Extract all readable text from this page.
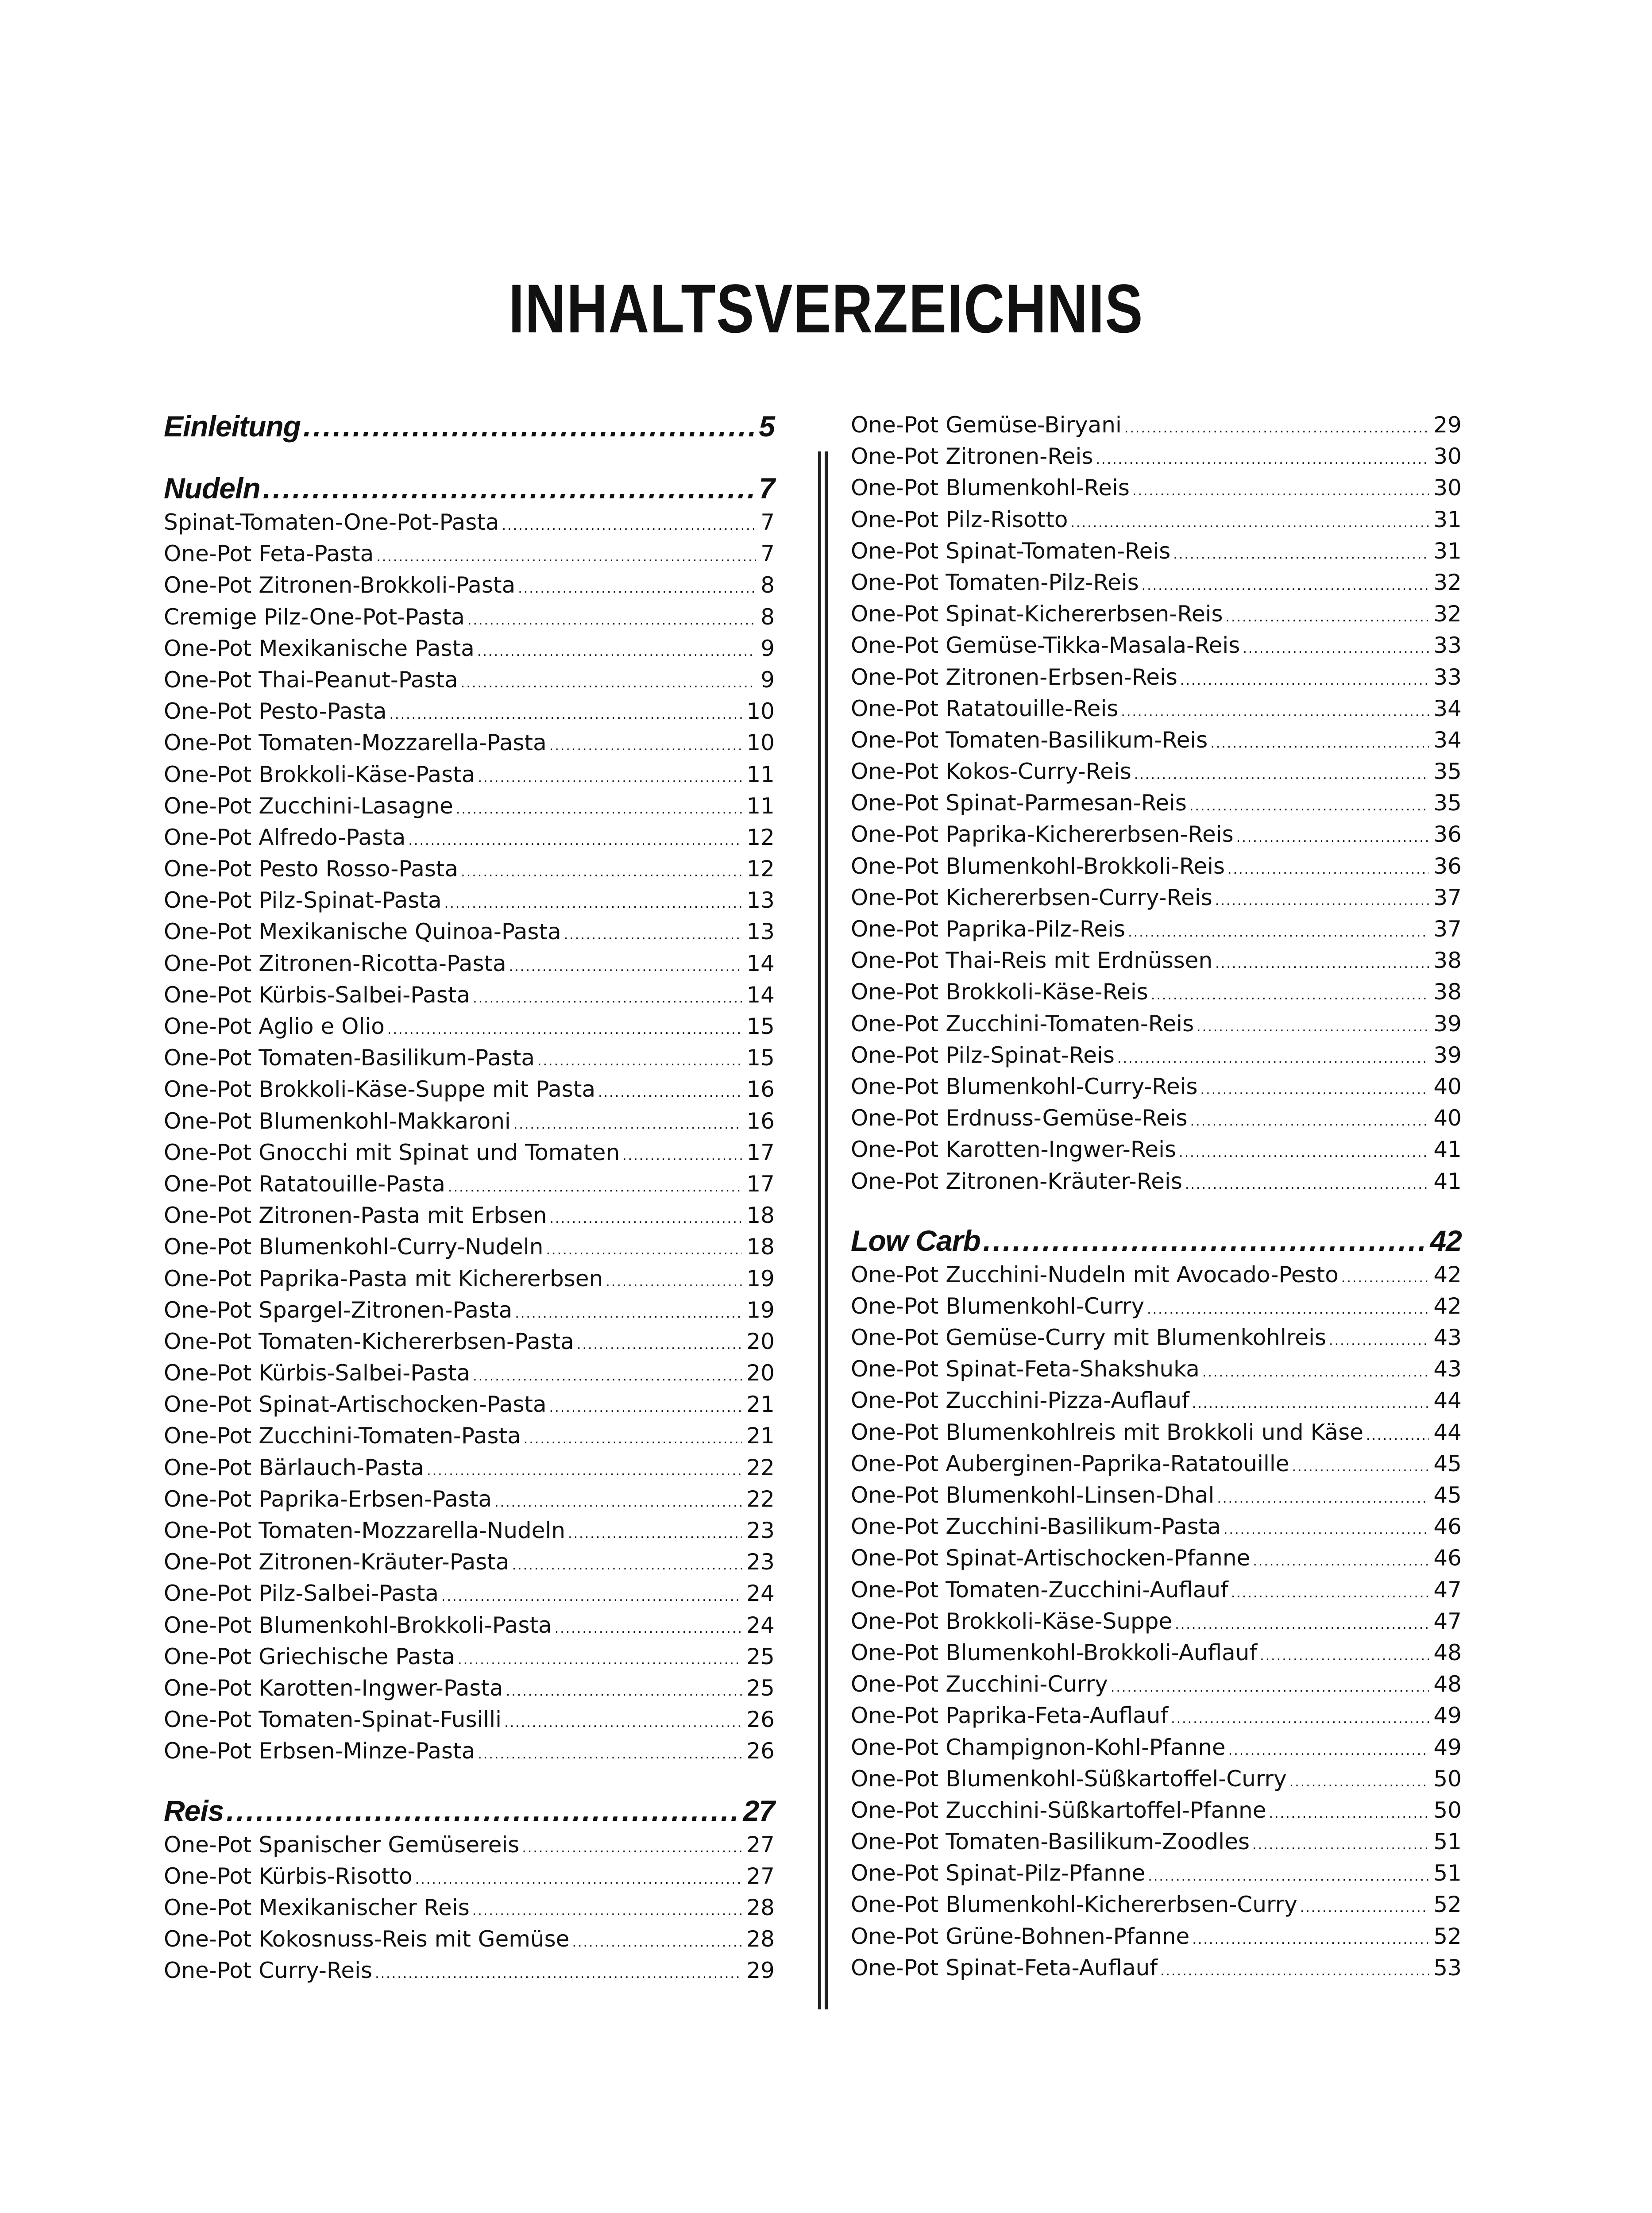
INHALTSVERZEICHNIS
Einleitung .....	5
Nudeln .....	7
Spinat-Tomaten-One-Pot-Pasta .....	7
One-Pot Feta-Pasta .....	7
One-Pot Zitronen-Brokkoli-Pasta .....	8
Cremige Pilz-One-Pot-Pasta .....	8
One-Pot Mexikanische Pasta .....	9
One-Pot Thai-Peanut-Pasta .....	9
One-Pot Pesto-Pasta .....	10
One-Pot Tomaten-Mozzarella-Pasta .....	10
One-Pot Brokkoli-Käse-Pasta .....	11
One-Pot Zucchini-Lasagne .....	11
One-Pot Alfredo-Pasta .....	12
One-Pot Pesto Rosso-Pasta .....	12
One-Pot Pilz-Spinat-Pasta .....	13
One-Pot Mexikanische Quinoa-Pasta .....	13
One-Pot Zitronen-Ricotta-Pasta .....	14
One-Pot Kürbis-Salbei-Pasta .....	14
One-Pot Aglio e Olio .....	15
One-Pot Tomaten-Basilikum-Pasta .....	15
One-Pot Brokkoli-Käse-Suppe mit Pasta .....	16
One-Pot Blumenkohl-Makkaroni .....	16
One-Pot Gnocchi mit Spinat und Tomaten .....	17
One-Pot Ratatouille-Pasta .....	17
One-Pot Zitronen-Pasta mit Erbsen .....	18
One-Pot Blumenkohl-Curry-Nudeln .....	18
One-Pot Paprika-Pasta mit Kichererbsen .....	19
One-Pot Spargel-Zitronen-Pasta .....	19
One-Pot Tomaten-Kichererbsen-Pasta .....	20
One-Pot Kürbis-Salbei-Pasta .....	20
One-Pot Spinat-Artischocken-Pasta .....	21
One-Pot Zucchini-Tomaten-Pasta .....	21
One-Pot Bärlauch-Pasta .....	22
One-Pot Paprika-Erbsen-Pasta .....	22
One-Pot Tomaten-Mozzarella-Nudeln .....	23
One-Pot Zitronen-Kräuter-Pasta .....	23
One-Pot Pilz-Salbei-Pasta .....	24
One-Pot Blumenkohl-Brokkoli-Pasta .....	24
One-Pot Griechische Pasta .....	25
One-Pot Karotten-Ingwer-Pasta .....	25
One-Pot Tomaten-Spinat-Fusilli .....	26
One-Pot Erbsen-Minze-Pasta .....	26
Reis .....	27
One-Pot Spanischer Gemüsereis .....	27
One-Pot Kürbis-Risotto .....	27
One-Pot Mexikanischer Reis .....	28
One-Pot Kokosnuss-Reis mit Gemüse .....	28
One-Pot Curry-Reis .....	29
One-Pot Gemüse-Biryani .....	29
One-Pot Zitronen-Reis .....	30
One-Pot Blumenkohl-Reis .....	30
One-Pot Pilz-Risotto .....	31
One-Pot Spinat-Tomaten-Reis .....	31
One-Pot Tomaten-Pilz-Reis .....	32
One-Pot Spinat-Kichererbsen-Reis .....	32
One-Pot Gemüse-Tikka-Masala-Reis .....	33
One-Pot Zitronen-Erbsen-Reis .....	33
One-Pot Ratatouille-Reis .....	34
One-Pot Tomaten-Basilikum-Reis .....	34
One-Pot Kokos-Curry-Reis .....	35
One-Pot Spinat-Parmesan-Reis .....	35
One-Pot Paprika-Kichererbsen-Reis .....	36
One-Pot Blumenkohl-Brokkoli-Reis .....	36
One-Pot Kichererbsen-Curry-Reis .....	37
One-Pot Paprika-Pilz-Reis .....	37
One-Pot Thai-Reis mit Erdnüssen .....	38
One-Pot Brokkoli-Käse-Reis .....	38
One-Pot Zucchini-Tomaten-Reis .....	39
One-Pot Pilz-Spinat-Reis .....	39
One-Pot Blumenkohl-Curry-Reis .....	40
One-Pot Erdnuss-Gemüse-Reis .....	40
One-Pot Karotten-Ingwer-Reis .....	41
One-Pot Zitronen-Kräuter-Reis .....	41
Low Carb .....	42
One-Pot Zucchini-Nudeln mit Avocado-Pesto .....	42
One-Pot Blumenkohl-Curry .....	42
One-Pot Gemüse-Curry mit Blumenkohlreis .....	43
One-Pot Spinat-Feta-Shakshuka .....	43
One-Pot Zucchini-Pizza-Auflauf .....	44
One-Pot Blumenkohlreis mit Brokkoli und Käse .....	44
One-Pot Auberginen-Paprika-Ratatouille .....	45
One-Pot Blumenkohl-Linsen-Dhal .....	45
One-Pot Zucchini-Basilikum-Pasta .....	46
One-Pot Spinat-Artischocken-Pfanne .....	46
One-Pot Tomaten-Zucchini-Auflauf .....	47
One-Pot Brokkoli-Käse-Suppe .....	47
One-Pot Blumenkohl-Brokkoli-Auflauf .....	48
One-Pot Zucchini-Curry .....	48
One-Pot Paprika-Feta-Auflauf .....	49
One-Pot Champignon-Kohl-Pfanne .....	49
One-Pot Blumenkohl-Süßkartoffel-Curry .....	50
One-Pot Zucchini-Süßkartoffel-Pfanne .....	50
One-Pot Tomaten-Basilikum-Zoodles .....	51
One-Pot Spinat-Pilz-Pfanne .....	51
One-Pot Blumenkohl-Kichererbsen-Curry .....	52
One-Pot Grüne-Bohnen-Pfanne .....	52
One-Pot Spinat-Feta-Auflauf .....	53
